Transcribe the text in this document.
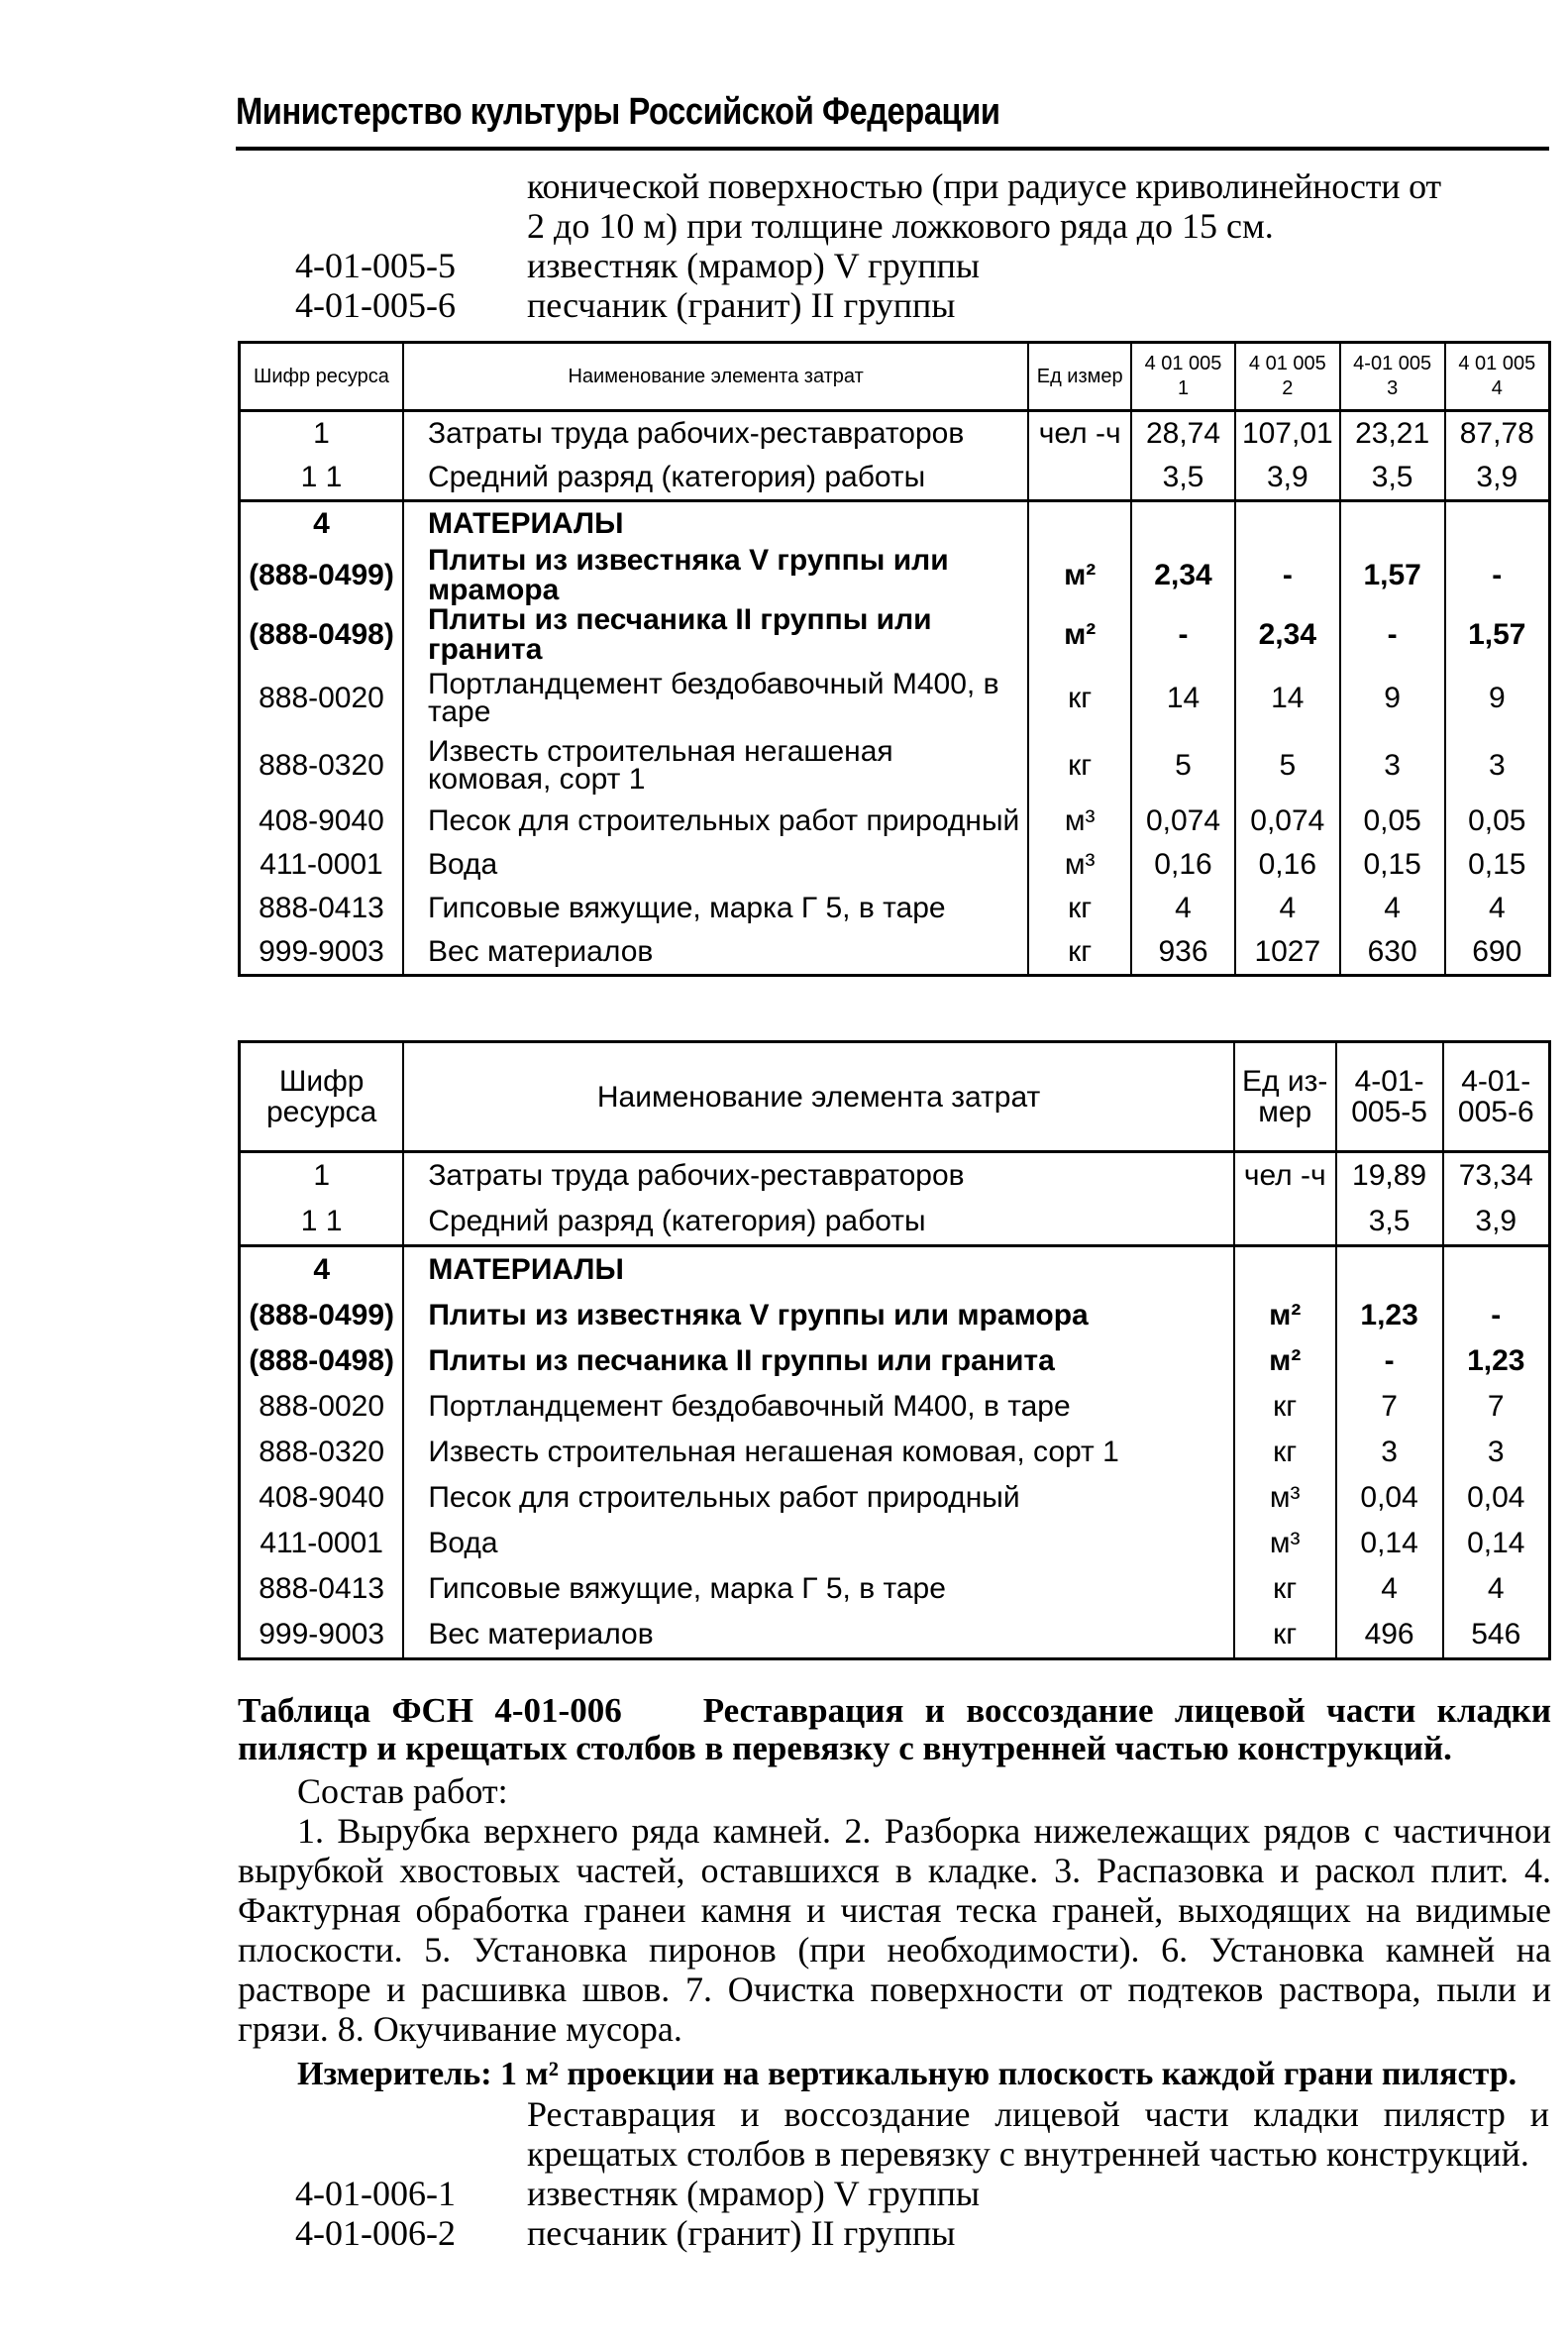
Министерство культуры Российской Федерации
конической поверхностью (при радиусе криволинейности от
2 до 10 м) при толщине ложкового ряда до 15 см.
4-01-005-5	известняк (мрамор) V группы
4-01-005-6	песчаник (гранит) II группы
Шифр ресурса	Наименование элемента затрат	Ед измер	4 01 005 1	4 01 005 2	4-01 005 3	4 01 005 4
1	Затраты труда рабочих-реставраторов	чел -ч	28,74	107,01	23,21	87,78
1 1	Средний разряд (категория) работы		3,5	3,9	3,5	3,9
4	МАТЕРИАЛЫ					
(888-0499)	Плиты из известняка V группы или мрамора	м²	2,34	-	1,57	-
(888-0498)	Плиты из песчаника II группы или гранита	м²	-	2,34	-	1,57
888-0020	Портландцемент бездобавочный М400, в таре	кг	14	14	9	9
888-0320	Известь строительная негашеная комовая, сорт 1	кг	5	5	3	3
408-9040	Песок для строительных работ природный	м³	0,074	0,074	0,05	0,05
411-0001	Вода	м³	0,16	0,16	0,15	0,15
888-0413	Гипсовые вяжущие, марка Г 5, в таре	кг	4	4	4	4
999-9003	Вес материалов	кг	936	1027	630	690
Шифр ресурса	Наименование элемента затрат	Ед из- мер	4-01- 005-5	4-01- 005-6
1	Затраты труда рабочих-реставраторов	чел -ч	19,89	73,34
1 1	Средний разряд (категория) работы		3,5	3,9
4	МАТЕРИАЛЫ			
(888-0499)	Плиты из известняка V группы или мрамора	м²	1,23	-
(888-0498)	Плиты из песчаника II группы или гранита	м²	-	1,23
888-0020	Портландцемент бездобавочный М400, в таре	кг	7	7
888-0320	Известь строительная негашеная комовая, сорт 1	кг	3	3
408-9040	Песок для строительных работ природный	м³	0,04	0,04
411-0001	Вода	м³	0,14	0,14
888-0413	Гипсовые вяжущие, марка Г 5, в таре	кг	4	4
999-9003	Вес материалов	кг	496	546
Таблица ФСН 4-01-006 Реставрация и воссоздание лицевой части кладки пилястр и крещатых столбов в перевязку с внутренней частью конструкций.
Состав работ:
1. Вырубка верхнего ряда камней. 2. Разборка нижележащих рядов с частичнои вырубкой хвостовых частей, оставшихся в кладке. 3. Распазовка и раскол плит. 4. Фактурная обработка гранеи камня и чистая теска граней, выходящих на видимые плоскости. 5. Установка пиронов (при необходимости). 6. Установка камней на растворе и расшивка швов. 7. Очистка поверхности от подтеков раствора, пыли и грязи. 8. Окучивание мусора.
Измеритель: 1 м² проекции на вертикальную плоскость каждой грани пилястр.
Реставрация и воссоздание лицевой части кладки пилястр и крещатых столбов в перевязку с внутренней частью конструкций.
4-01-006-1	известняк (мрамор) V группы
4-01-006-2	песчаник (гранит) II группы
